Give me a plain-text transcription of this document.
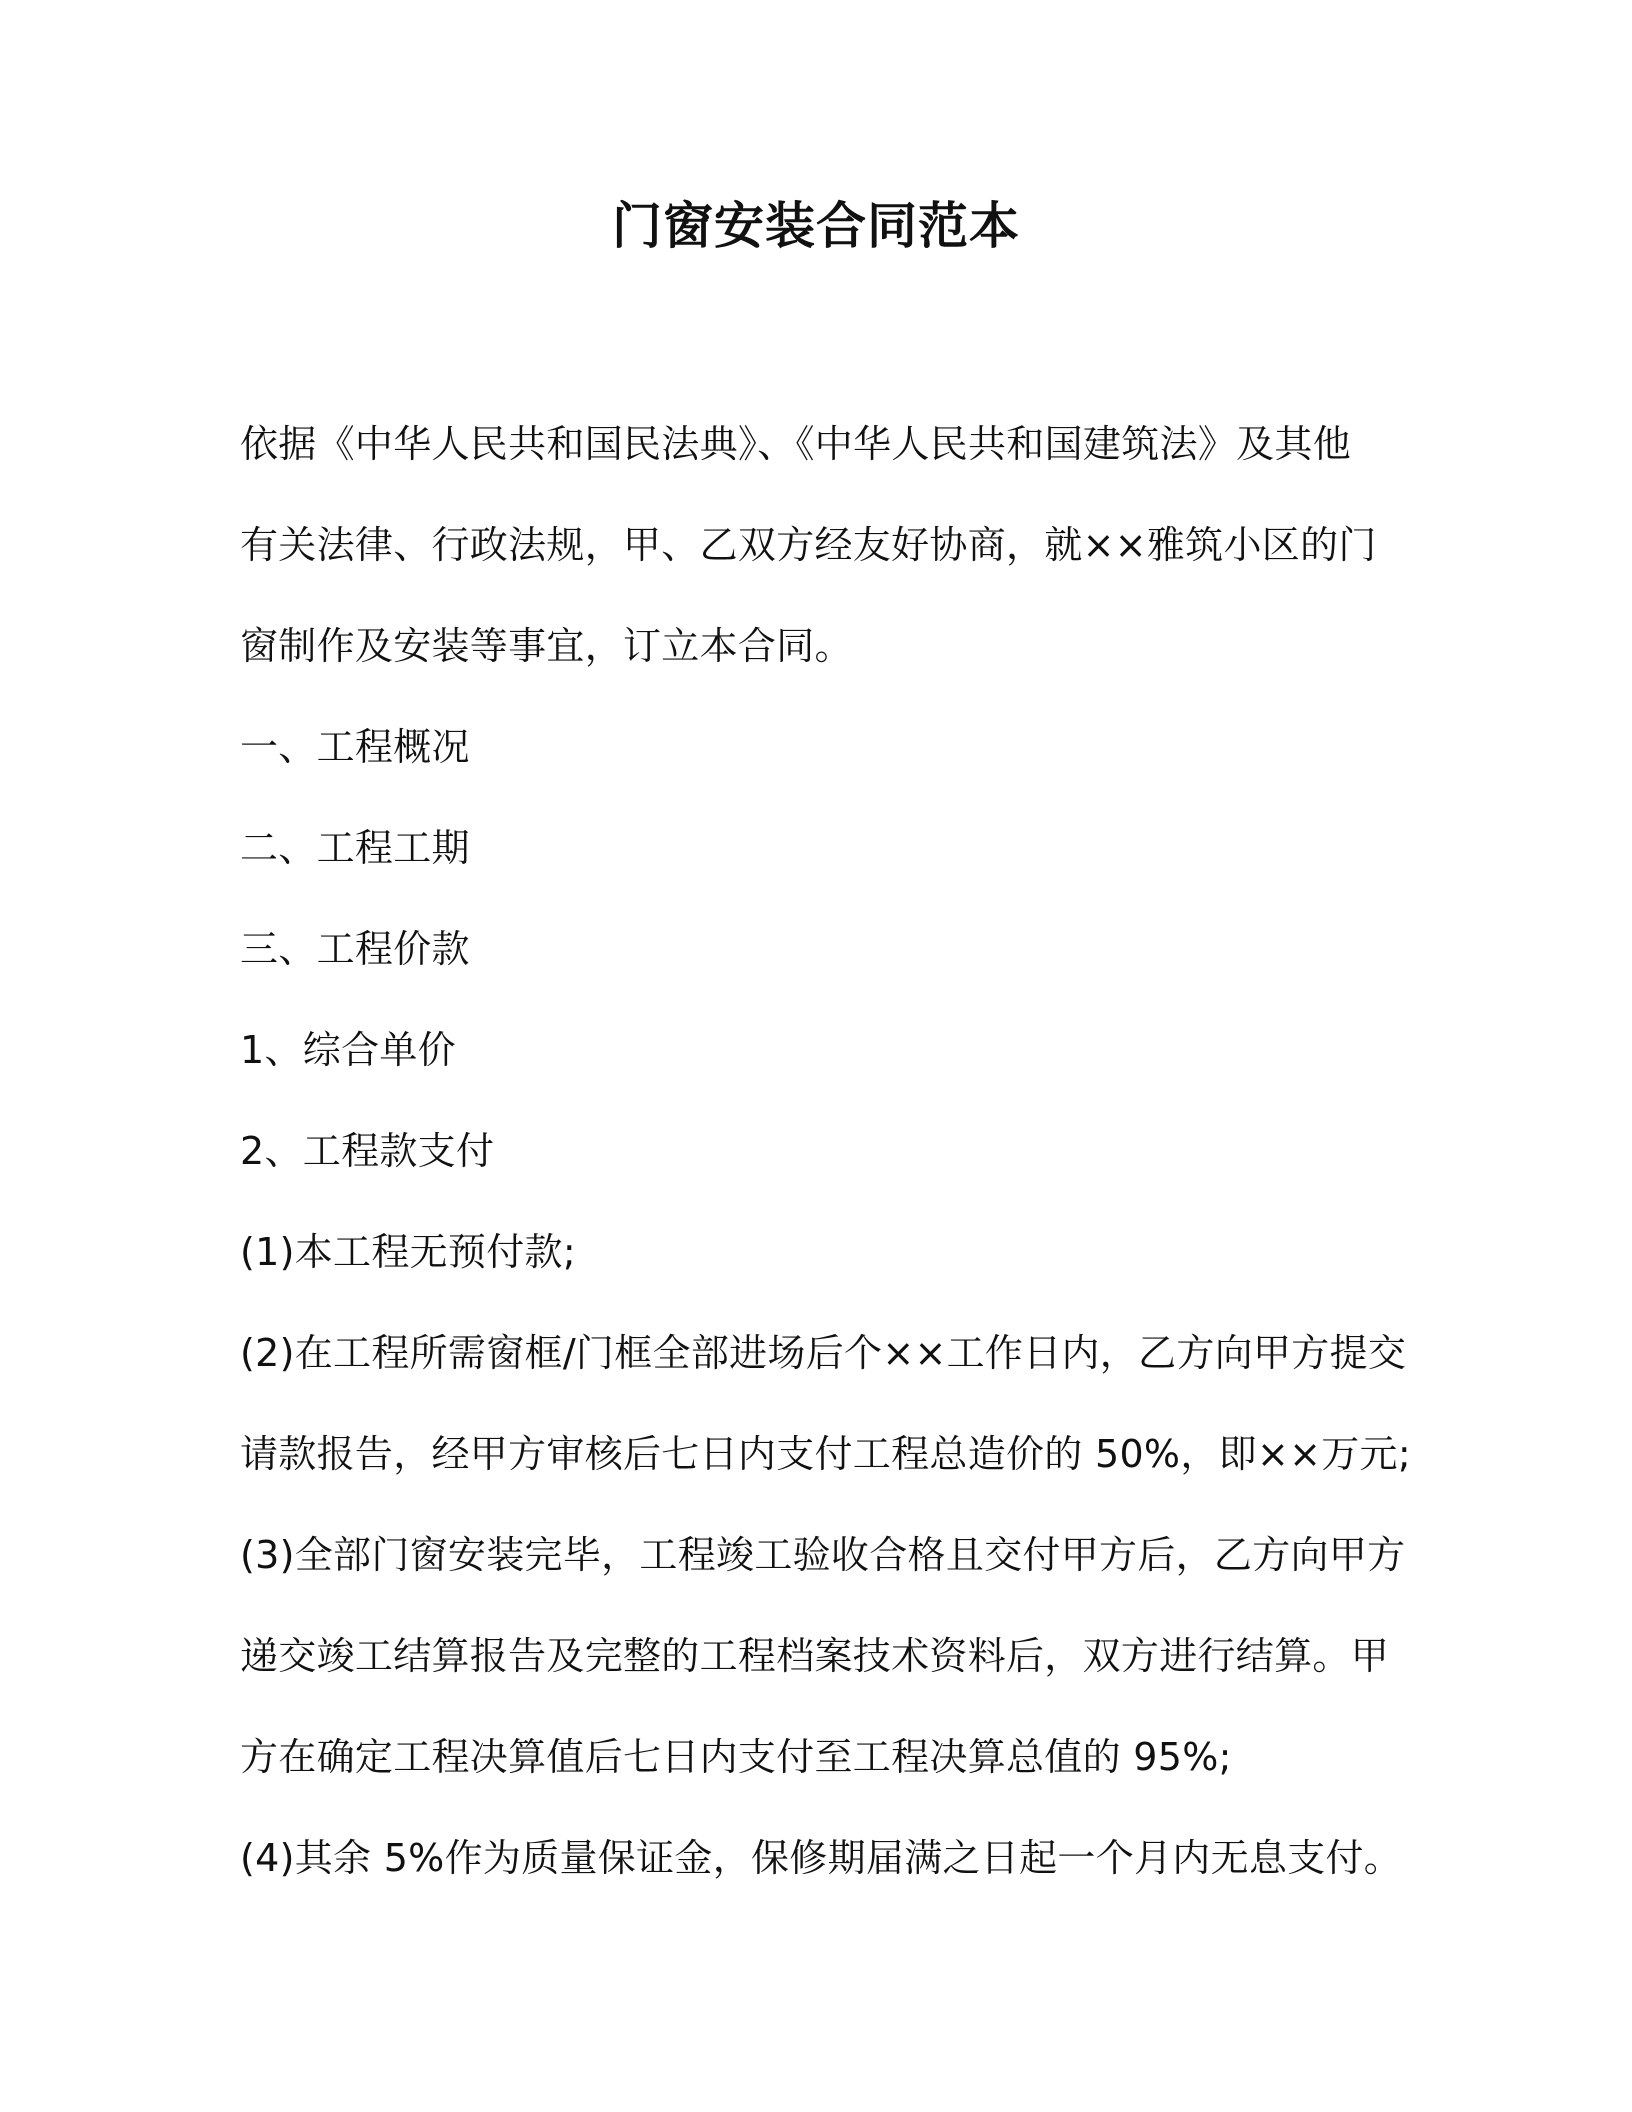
门窗安装合同范本
依据《中华人民共和国民法典》、《中华人民共和国建筑法》及其他
有关法律、行政法规，甲、乙双方经友好协商，就××雅筑小区的门
窗制作及安装等事宜，订立本合同。
一、工程概况
二、工程工期
三、工程价款
1、综合单价
2、工程款支付
(1)本工程无预付款;
(2)在工程所需窗框/门框全部进场后个××工作日内，乙方向甲方提交
请款报告，经甲方审核后七日内支付工程总造价的 50%，即××万元;
(3)全部门窗安装完毕，工程竣工验收合格且交付甲方后，乙方向甲方
递交竣工结算报告及完整的工程档案技术资料后，双方进行结算。甲
方在确定工程决算值后七日内支付至工程决算总值的 95%;
(4)其余 5%作为质量保证金，保修期届满之日起一个月内无息支付。
